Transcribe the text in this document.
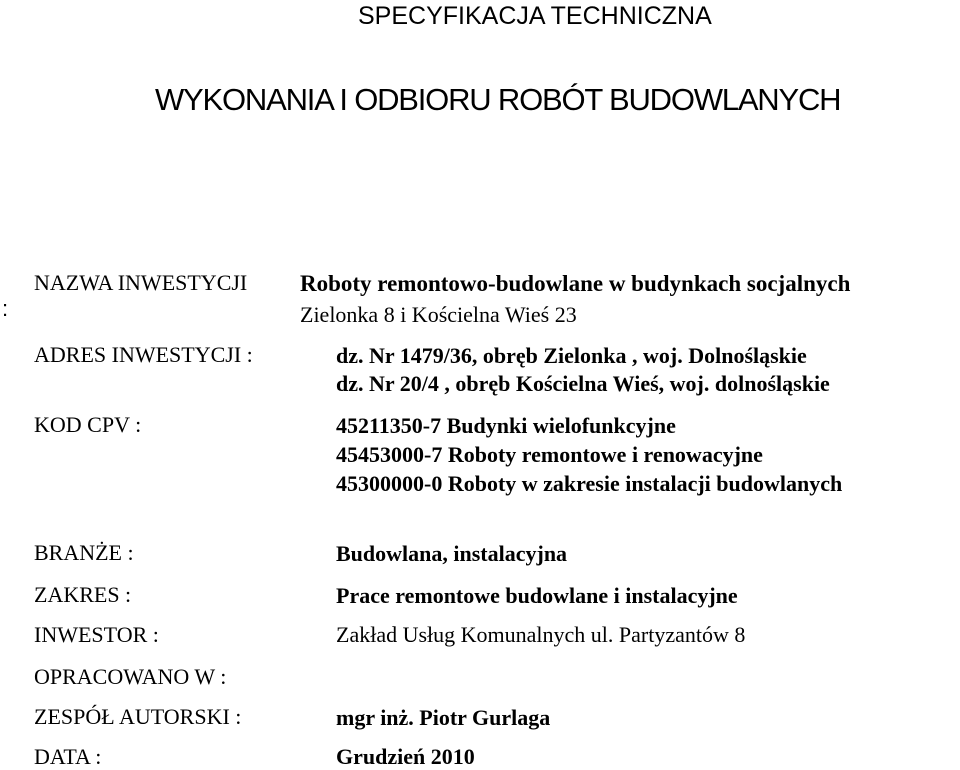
SPECYFIKACJA TECHNICZNA
WYKONANIA I ODBIORU ROBÓT BUDOWLANYCH
:
NAZWA INWESTYCJI Roboty remontowo-budowlane w budynkach socjalnych
Zielonka 8 i Kościelna Wieś 23
ADRES INWESTYCJI :	dz. Nr 1479/36, obręb Zielonka , woj. Dolnośląskie
dz. Nr 20/4 , obręb Kościelna Wieś, woj. dolnośląskie
KOD CPV :	45211350-7 Budynki wielofunkcyjne
45453000-7 Roboty remontowe i renowacyjne
45300000-0 Roboty w zakresie instalacji budowlanych
BRANŻE :	Budowlana, instalacyjna
ZAKRES :	Prace remontowe budowlane i instalacyjne
INWESTOR :	Zakład Usług Komunalnych ul. Partyzantów 8
OPRACOWANO W :
ZESPÓŁ AUTORSKI :	mgr inż. Piotr Gurlaga
DATA :	Grudzień 2010
